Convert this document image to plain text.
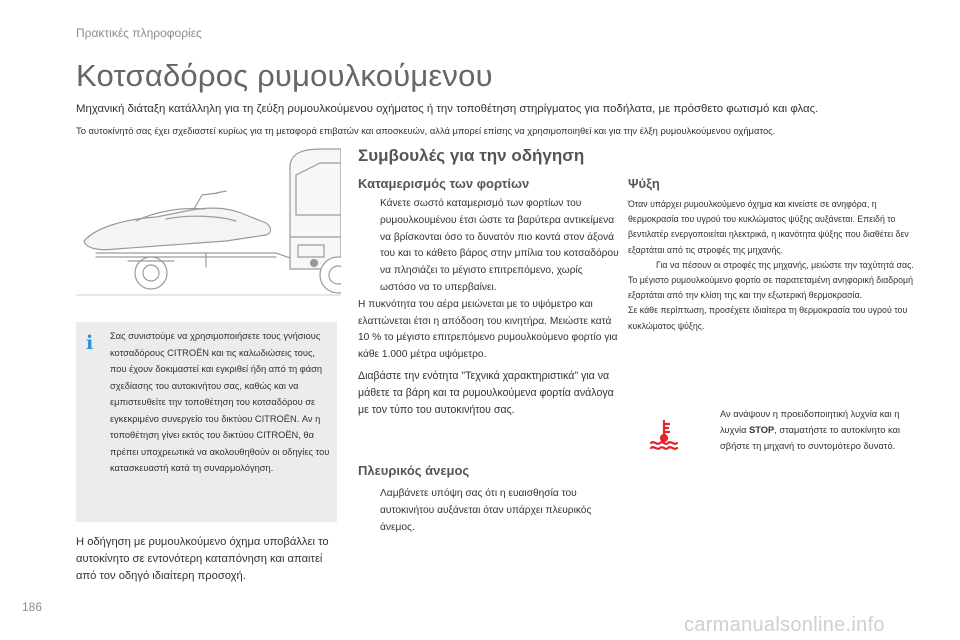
Πρακτικές πληροφορίες
Κοτσαδόρος ρυμουλκούμενου
Μηχανική διάταξη κατάλληλη για τη ζεύξη ρυμουλκούμενου οχήματος ή την τοποθέτηση στηρίγματος για ποδήλατα, με πρόσθετο φωτισμό και φλας.
Το αυτοκίνητό σας έχει σχεδιαστεί κυρίως για τη μεταφορά επιβατών και αποσκευών, αλλά μπορεί επίσης να χρησιμοποιηθεί και για την έλξη ρυμουλκούμενου οχήματος.
i Σας συνιστούμε να χρησιμοποιήσετε τους γνήσιους κοτσαδόρους CITROËN και τις καλωδιώσεις τους, που έχουν δοκιμαστεί και εγκριθεί ήδη από τη φάση σχεδίασης του αυτοκινήτου σας, καθώς και να εμπιστευθείτε την τοποθέτηση του κοτσαδόρου σε εγκεκριμένο συνεργείο του δικτύου CITROËN. Αν η τοποθέτηση γίνει εκτός του δικτύου CITROËN, θα πρέπει υποχρεωτικά να ακολουθηθούν οι οδηγίες του κατασκευαστή κατά τη συναρμολόγηση.
Η οδήγηση με ρυμουλκούμενο όχημα υποβάλλει το αυτοκίνητο σε εντονότερη καταπόνηση και απαιτεί από τον οδηγό ιδιαίτερη προσοχή.
Συμβουλές για την οδήγηση
Καταμερισμός των φορτίων
Κάνετε σωστό καταμερισμό των φορτίων του ρυμουλκουμένου έτσι ώστε τα βαρύτερα αντικείμενα να βρίσκονται όσο το δυνατόν πιο κοντά στον άξονά του και το κάθετο βάρος στην μπίλια του κοτσαδόρου να πλησιάζει το μέγιστο επιτρεπόμενο, χωρίς ωστόσο να το υπερβαίνει.
Η πυκνότητα του αέρα μειώνεται με το υψόμετρο και ελαττώνεται έτσι η απόδοση του κινητήρα. Μειώστε κατά 10 % το μέγιστο επιτρεπόμενο ρυμουλκούμενο φορτίο για κάθε 1.000 μέτρα υψόμετρο.
Διαβάστε την ενότητα "Τεχνικά χαρακτηριστικά" για να μάθετε τα βάρη και τα ρυμουλκούμενα φορτία ανάλογα με τον τύπο του αυτοκινήτου σας.
Πλευρικός άνεμος
Λαμβάνετε υπόψη σας ότι η ευαισθησία του αυτοκινήτου αυξάνεται όταν υπάρχει πλευρικός άνεμος.
Ψύξη
Όταν υπάρχει ρυμουλκούμενο όχημα και κινείστε σε ανηφόρα, η θερμοκρασία του υγρού του κυκλώματος ψύξης αυξάνεται. Επειδή το βεντιλατέρ ενεργοποιείται ηλεκτρικά, η ικανότητα ψύξης που διαθέτει δεν εξαρτάται από τις στροφές της μηχανής.
Για να πέσουν οι στροφές της μηχανής, μειώστε την ταχύτητά σας.
Το μέγιστο ρυμουλκούμενο φορτίο σε παρατεταμένη ανηφορική διαδρομή εξαρτάται από την κλίση της και την εξωτερική θερμοκρασία.
Σε κάθε περίπτωση, προσέχετε ιδιαίτερα τη θερμοκρασία του υγρού του κυκλώματος ψύξης.
Αν ανάψουν η προειδοποιητική λυχνία και η λυχνία STOP, σταματήστε το αυτοκίνητο και σβήστε τη μηχανή το συντομότερο δυνατό.
186
carmanualsonline.info
